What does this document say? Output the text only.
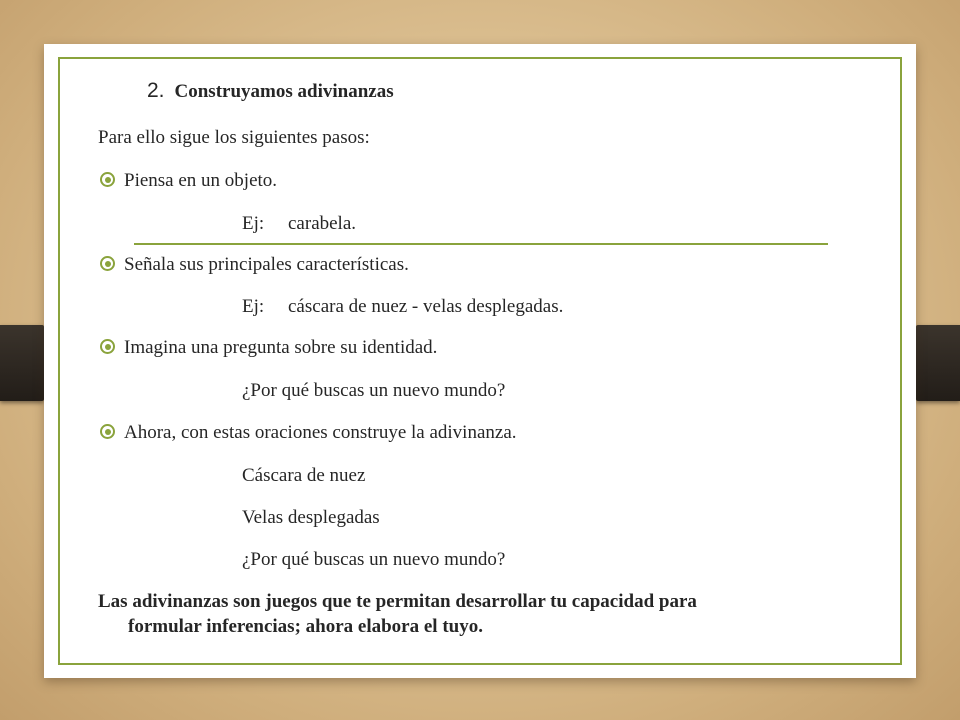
2. Construyamos adivinanzas
Para ello sigue los siguientes pasos:
Piensa en un objeto.
Ej: carabela.
Señala sus principales características.
Ej: cáscara de nuez - velas desplegadas.
Imagina una pregunta sobre su identidad.
¿Por qué buscas un nuevo mundo?
Ahora, con estas oraciones construye la adivinanza.
Cáscara de nuez
Velas desplegadas
¿Por qué buscas un nuevo mundo?
Las adivinanzas son juegos que te permitan desarrollar tu capacidad para
formular inferencias; ahora elabora el tuyo.
